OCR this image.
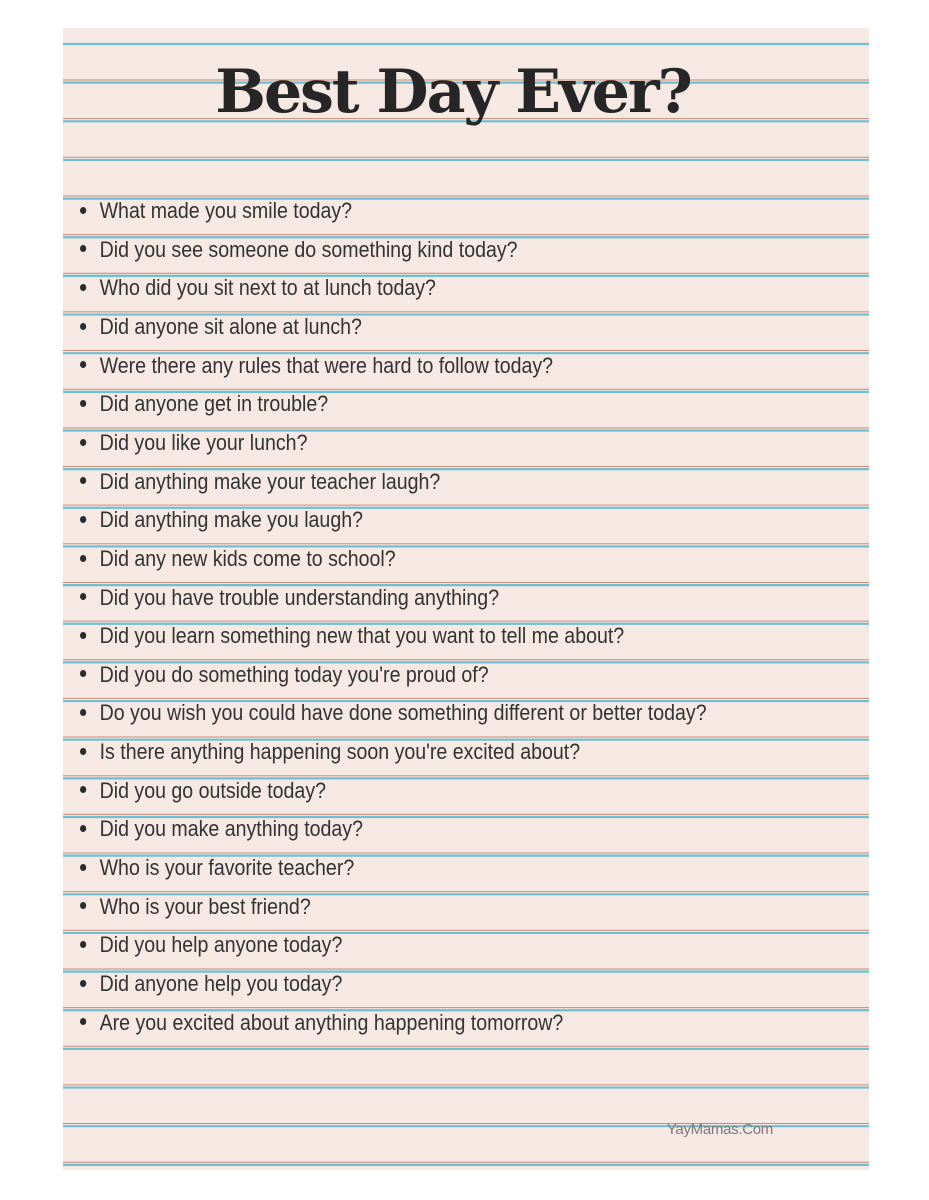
Best Day Ever?
What made you smile today?
Did you see someone do something kind today?
Who did you sit next to at lunch today?
Did anyone sit alone at lunch?
Were there any rules that were hard to follow today?
Did anyone get in trouble?
Did you like your lunch?
Did anything make your teacher laugh?
Did anything make you laugh?
Did any new kids come to school?
Did you have trouble understanding anything?
Did you learn something new that you want to tell me about?
Did you do something today you're proud of?
Do you wish you could have done something different or better today?
Is there anything happening soon you're excited about?
Did you go outside today?
Did you make anything today?
Who is your favorite teacher?
Who is your best friend?
Did you help anyone today?
Did anyone help you today?
Are you excited about anything happening tomorrow?
YayMamas.Com
